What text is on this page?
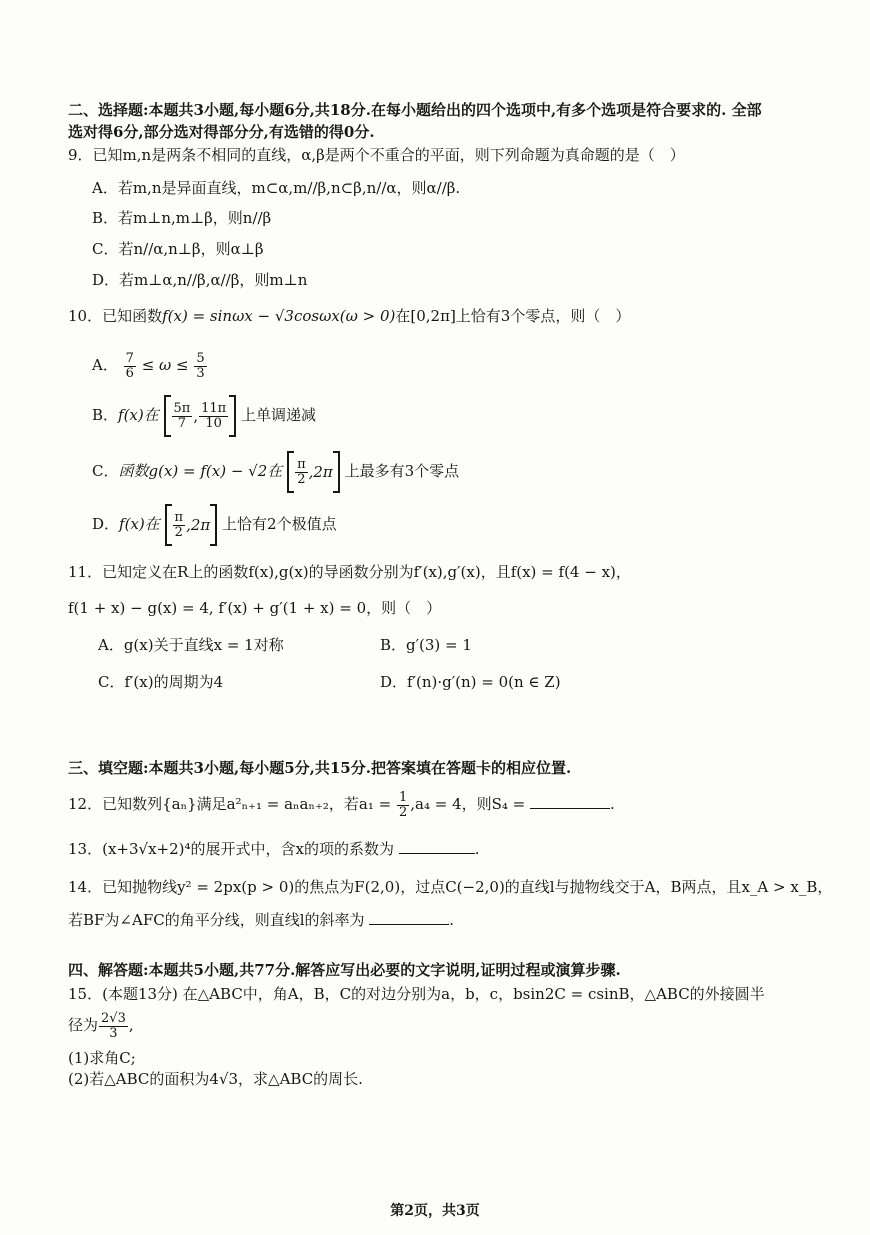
二、选择题:本题共3小题,每小题6分,共18分.在每小题给出的四个选项中,有多个选项是符合要求的. 全部
选对得6分,部分选对得部分分,有选错的得0分.
9．已知m,n是两条不相同的直线，α,β是两个不重合的平面，则下列命题为真命题的是（　）
A．若m,n是异面直线，m⊂α,m//β,n⊂β,n//α，则α//β.
B．若m⊥n,m⊥β，则n//β
C．若n//α,n⊥β，则α⊥β
D．若m⊥α,n//β,α//β，则m⊥n
10．已知函数f(x) = sinωx − √3cosωx(ω > 0)在[0,2π]上恰有3个零点，则（　）
A． $\frac{7}{6} \le \omega \le \frac{5}{3}$
B．f(x)在 $\frac{5\pi}{7}$ , $\frac{11\pi}{10}$ 上单调递减
C．函数g(x) = f(x) − √2在 $\frac{\pi}{2} ,2\pi$ 上最多有3个零点
D．f(x)在 $\frac{\pi}{2} ,2\pi$ 上恰有2个极值点
11．已知定义在R上的函数f(x),g(x)的导函数分别为f′(x),g′(x)，且f(x) = f(4 − x)，
f(1 + x) − g(x) = 4, f′(x) + g′(1 + x) = 0，则（　）
A．g(x)关于直线x = 1对称	B．g′(3) = 1
C．f′(x)的周期为4	D．f′(n)·g′(n) = 0(n ∈ Z)
三、填空题:本题共3小题,每小题5分,共15分.把答案填在答题卡的相应位置.
12．已知数列{aₙ}满足a²ₙ₊₁ = aₙaₙ₊₂，若$a_1 = \frac{1}{2} ,a_4 = 4$，则S₄ =	.
13．(x+3√x+2)⁴的展开式中，含x的项的系数为	.
14．已知抛物线y² = 2px(p > 0)的焦点为F(2,0)，过点C(−2,0)的直线l与抛物线交于A，B两点，且x_A > x_B，
若BF为∠AFC的角平分线，则直线l的斜率为	.
四、解答题:本题共5小题,共77分.解答应写出必要的文字说明,证明过程或演算步骤.
15．(本题13分) 在△ABC中，角A，B，C的对边分别为a，b，c，bsin2C = csinB，△ABC的外接圆半
径为 $\frac{2√3}{3}$ ,
(1)求角C;
(2)若△ABC的面积为4√3，求△ABC的周长.
第2页，共3页
